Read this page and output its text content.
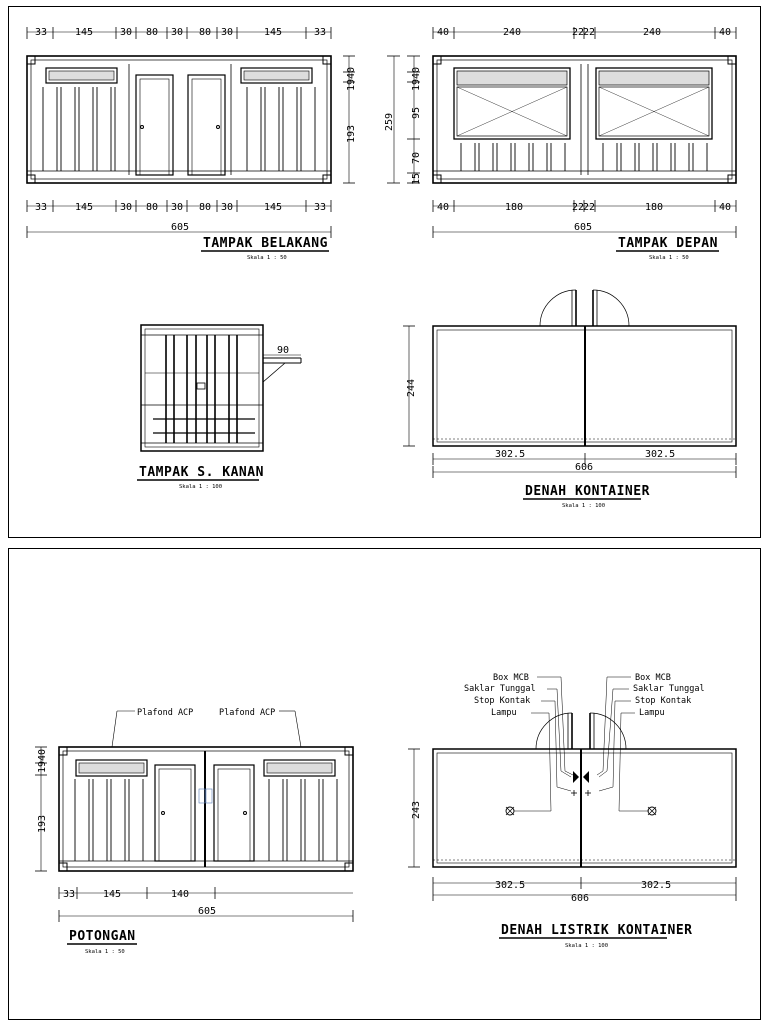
33	145	30 80 30 80 30	145	33
40
19
193
33	145	30 80 30 80 30	145	33
605
TAMPAK BELAKANG
Skala 1 : 50
40	240	22
22	240	40
259 95
70
15
40
19
40	180	22
22	180	40
605
TAMPAK DEPAN
Skala 1 : 50
90
TAMPAK S. KANAN
Skala 1 : 100
244
302.5	302.5
606
DENAH KONTAINER
Skala 1 : 100
Plafond ACP	Plafond ACP
40
19
193
33	145	140
605
POTONGAN
Skala 1 : 50
Box MCB
Saklar Tunggal
Stop Kontak
Lampu
Box MCB
Saklar Tunggal
Stop Kontak
Lampu
243
302.5	302.5
606
DENAH LISTRIK KONTAINER
Skala 1 : 100
